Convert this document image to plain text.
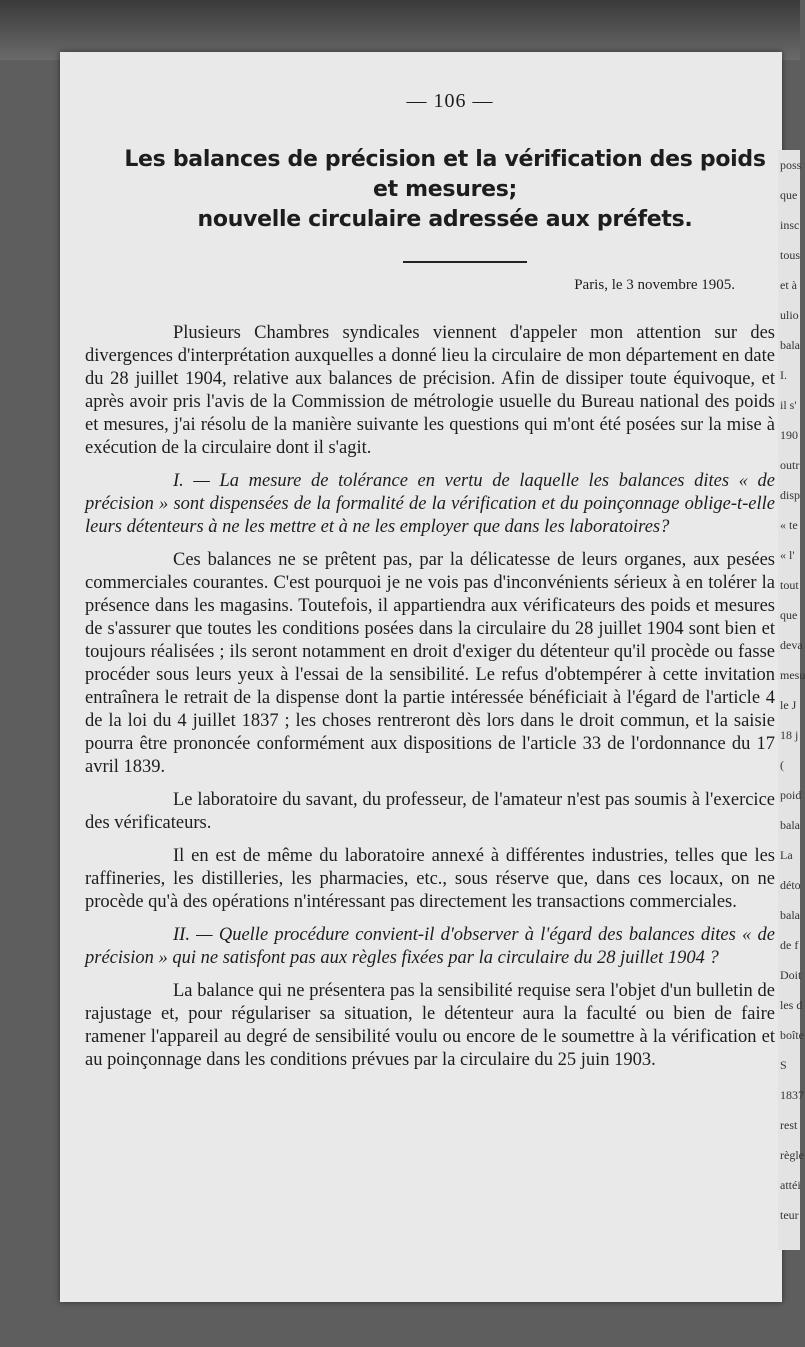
poss
que
insc
tous
et à
ulio
bala
I.
il s'
190
outr
disp
« te
« l'
tout
que
deva
mesu
le J
18 j
(
poid
bala
La
déto
bala
de f
Doit
les d
boîte
S
1837
rest
règle
attéi
teur
— 106 —
Les balances de précision et la vérification des poids et mesures;
nouvelle circulaire adressée aux préfets.
Paris, le 3 novembre 1905.

Plusieurs Chambres syndicales viennent d'appeler mon attention sur des divergences d'interprétation auxquelles a donné lieu la circulaire de mon département en date du 28 juillet 1904, relative aux balances de précision. Afin de dissiper toute équivoque, et après avoir pris l'avis de la Commission de métrologie usuelle du Bureau national des poids et mesures, j'ai résolu de la manière suivante les questions qui m'ont été posées sur la mise à exécution de la circulaire dont il s'agit.

I. — La mesure de tolérance en vertu de laquelle les balances dites « de précision » sont dispensées de la formalité de la vérification et du poinçonnage oblige-t-elle leurs détenteurs à ne les mettre et à ne les employer que dans les laboratoires?

Ces balances ne se prêtent pas, par la délicatesse de leurs organes, aux pesées commerciales courantes. C'est pourquoi je ne vois pas d'inconvénients sérieux à en tolérer la présence dans les magasins. Toutefois, il appartiendra aux vérificateurs des poids et mesures de s'assurer que toutes les conditions posées dans la circulaire du 28 juillet 1904 sont bien et toujours réalisées ; ils seront notamment en droit d'exiger du détenteur qu'il procède ou fasse procéder sous leurs yeux à l'essai de la sensibilité. Le refus d'obtempérer à cette invitation entraînera le retrait de la dispense dont la partie intéressée bénéficiait à l'égard de l'article 4 de la loi du 4 juillet 1837 ; les choses rentreront dès lors dans le droit commun, et la saisie pourra être prononcée conformément aux dispositions de l'article 33 de l'ordonnance du 17 avril 1839.

Le laboratoire du savant, du professeur, de l'amateur n'est pas soumis à l'exercice des vérificateurs.

Il en est de même du laboratoire annexé à différentes industries, telles que les raffineries, les distilleries, les pharmacies, etc., sous réserve que, dans ces locaux, on ne procède qu'à des opérations n'intéressant pas directement les transactions commerciales.

II. — Quelle procédure convient-il d'observer à l'égard des balances dites « de précision » qui ne satisfont pas aux règles fixées par la circulaire du 28 juillet 1904 ?

La balance qui ne présentera pas la sensibilité requise sera l'objet d'un bulletin de rajustage et, pour régulariser sa situation, le détenteur aura la faculté ou bien de faire ramener l'appareil au degré de sensibilité voulu ou encore de le soumettre à la vérification et au poinçonnage dans les conditions prévues par la circulaire du 25 juin 1903.
